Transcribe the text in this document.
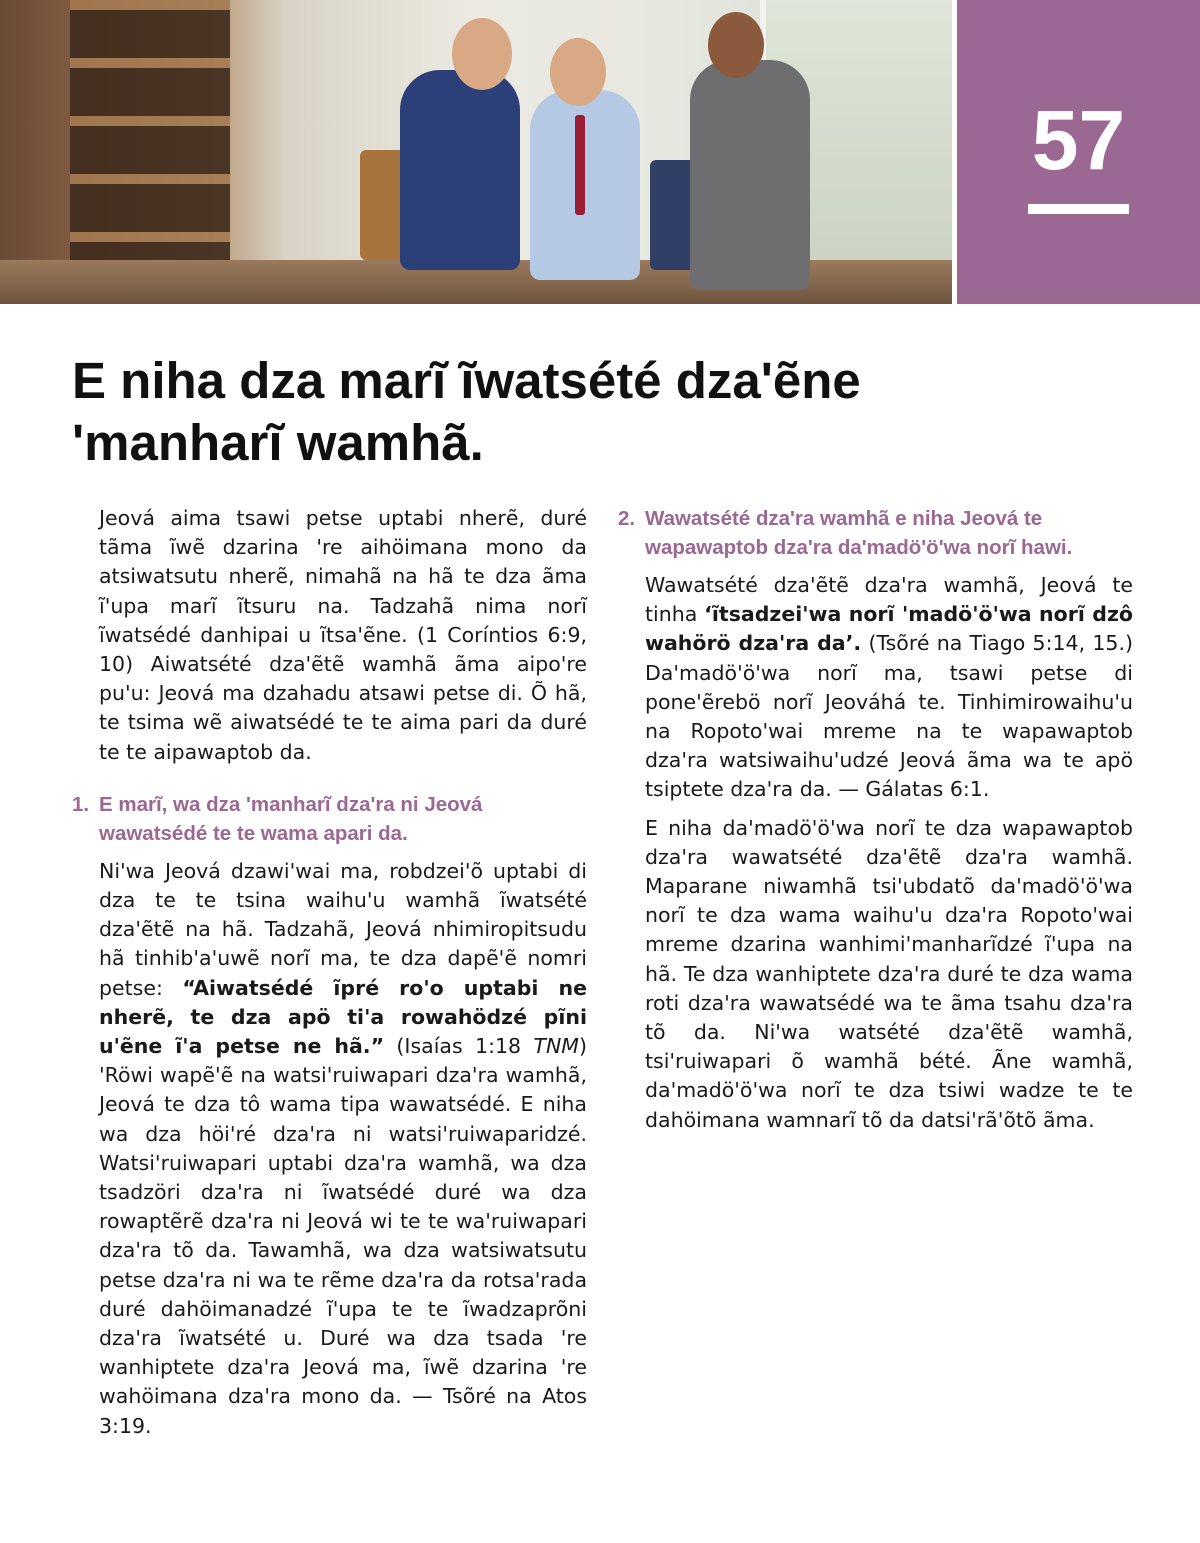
57
E niha dza marĩ ĩwatsété dza'ẽne 'manharĩ wamhã.

Jeová aima tsawi petse uptabi nherẽ, duré tãma ĩwẽ dzarina 're aihöimana mono da atsiwatsutu nherẽ, nimahã na hã te dza ãma ĩ'upa marĩ ĩtsuru na. Tadzahã nima norĩ ĩwatsédé danhipai u ĩtsa'ẽne. (1 Coríntios 6:9, 10) Aiwatsété dza'ẽtẽ wamhã ãma aipo're pu'u: Jeová ma dzahadu atsawi petse di. Õ hã, te tsima wẽ aiwatsédé te te aima pari da duré te te aipawaptob da.

1. E marĩ, wa dza 'manharĩ dza'ra ni Jeová wawatsédé te te wama apari da.

Ni'wa Jeová dzawi'wai ma, robdzei'õ uptabi di dza te te tsina waihu'u wamhã ĩwatsété dza'ẽtẽ na hã. Tadzahã, Jeová nhimiropitsudu hã tinhib'a'uwẽ norĩ ma, te dza dapẽ'ẽ nomri petse: “Aiwatsédé ĩpré ro'o uptabi ne nherẽ, te dza apö ti'a rowahödzé pĩni u'ẽne ĩ'a petse ne hã.” (Isaías 1:18 TNM) 'Röwi wapẽ'ẽ na watsi'ruiwapari dza'ra wamhã, Jeová te dza tô wama tipa wawatsédé. E niha wa dza höi'ré dza'ra ni watsi'ruiwaparidzé. Watsi'ruiwapari uptabi dza'ra wamhã, wa dza tsadzöri dza'ra ni ĩwatsédé duré wa dza rowaptẽrẽ dza'ra ni Jeová wi te te wa'ruiwapari dza'ra tõ da. Tawamhã, wa dza watsiwatsutu petse dza'ra ni wa te rẽme dza'ra da rotsa'rada duré dahöimanadzé ĩ'upa te te ĩwadzaprõni dza'ra ĩwatsété u. Duré wa dza tsada 're wanhiptete dza'ra Jeová ma, ĩwẽ dzarina 're wahöimana dza'ra mono da. — Tsõré na Atos 3:19.

2. Wawatsété dza'ra wamhã e niha Jeová te wapawaptob dza'ra da'madö'ö'wa norĩ hawi.

Wawatsété dza'ẽtẽ dza'ra wamhã, Jeová te tinha ‘ĩtsadzei'wa norĩ 'madö'ö'wa norĩ dzô wahörö dza'ra da’. (Tsõré na Tiago 5:14, 15.) Da'madö'ö'wa norĩ ma, tsawi petse di pone'ẽrebö norĩ Jeováhá te. Tinhimirowaihu'u na Ropoto'wai mreme na te wapawaptob dza'ra watsiwaihu'udzé Jeová ãma wa te apö tsiptete dza'ra da. — Gálatas 6:1.

E niha da'madö'ö'wa norĩ te dza wapawaptob dza'ra wawatsété dza'ẽtẽ dza'ra wamhã. Maparane niwamhã tsi'ubdatõ da'madö'ö'wa norĩ te dza wama waihu'u dza'ra Ropoto'wai mreme dzarina wanhimi'manharĩdzé ĩ'upa na hã. Te dza wanhiptete dza'ra duré te dza wama roti dza'ra wawatsédé wa te ãma tsahu dza'ra tõ da. Ni'wa watsété dza'ẽtẽ wamhã, tsi'ruiwapari õ wamhã bété. Ãne wamhã, da'madö'ö'wa norĩ te dza tsiwi wadze te te dahöimana wamnarĩ tõ da datsi'rã'õtõ ãma.
